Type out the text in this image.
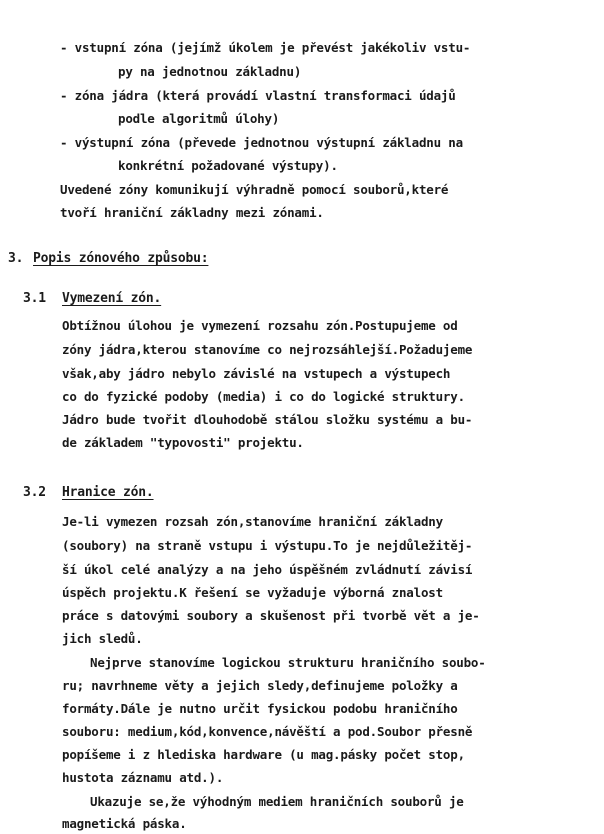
- vstupní zóna (jejímž úkolem je převést jakékoliv vstu-
py na jednotnou základnu)
- zóna jádra (která provádí vlastní transformaci údajů
podle algoritmů úlohy)
- výstupní zóna (převede jednotnou výstupní základnu na
konkrétní požadované výstupy).
Uvedené zóny komunikují výhradně pomocí souborů,které
tvoří hraniční základny mezi zónami.
3. Popis zónového způsobu:
3.1 Vymezení zón.
Obtížnou úlohou je vymezení rozsahu zón.Postupujeme od
zóny jádra,kterou stanovíme co nejrozsáhlejší.Požadujeme
však,aby jádro nebylo závislé na vstupech a výstupech
co do fyzické podoby (media) i co do logické struktury.
Jádro bude tvořit dlouhodobě stálou složku systému a bu-
de základem "typovosti" projektu.
3.2 Hranice zón.
Je-li vymezen rozsah zón,stanovíme hraniční základny
(soubory) na straně vstupu i výstupu.To je nejdůležitěj-
ší úkol celé analýzy a na jeho úspěšném zvládnutí závisí
úspěch projektu.K řešení se vyžaduje výborná znalost
práce s datovými soubory a skušenost při tvorbě vět a je-
jich sledů.
Nejprve stanovíme logickou strukturu hraničního soubo-
ru; navrhneme věty a jejich sledy,definujeme položky a
formáty.Dále je nutno určit fysickou podobu hraničního
souboru: medium,kód,konvence,návěští a pod.Soubor přesně
popíšeme i z hlediska hardware (u mag.pásky počet stop,
hustota záznamu atd.).
Ukazuje se,že výhodným mediem hraničních souborů je
magnetická páska.
